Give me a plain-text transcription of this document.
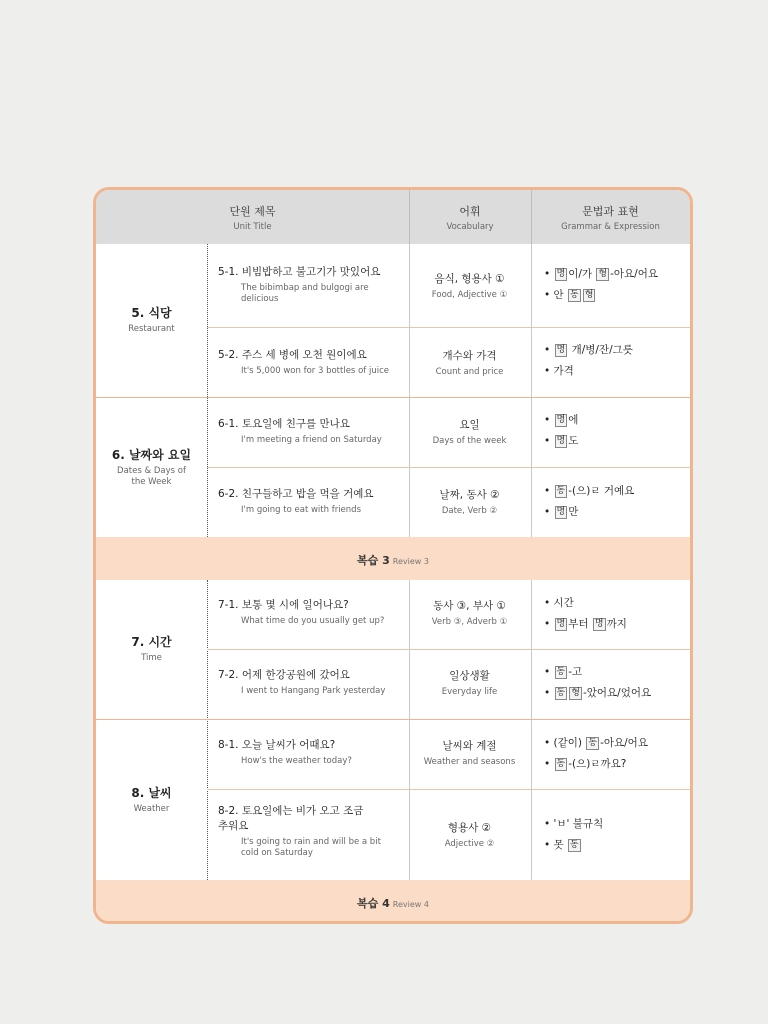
단원 제목
Unit Title
어휘
Vocabulary
문법과 표현
Grammar & Expression
5. 식당
Restaurant
5-1. 비빔밥하고 불고기가 맛있어요
The bibimbap and bulgogi are delicious
음식, 형용사 ①
Food, Adjective ①
• 명 이/가 형 -아요/어요
• 안 동 형
5-2. 주스 세 병에 오천 원이에요
It's 5,000 won for 3 bottles of juice
개수와 가격
Count and price
• 명 개/병/잔/그릇
• 가격
6. 날짜와 요일
Dates & Days of the Week
6-1. 토요일에 친구를 만나요
I'm meeting a friend on Saturday
요일
Days of the week
• 명 에
• 명 도
6-2. 친구들하고 밥을 먹을 거예요
I'm going to eat with friends
날짜, 동사 ②
Date, Verb ②
• 동 -(으)ㄹ 거예요
• 명 만
복습 3 Review 3
7. 시간
Time
7-1. 보통 몇 시에 일어나요?
What time do you usually get up?
동사 ③, 부사 ①
Verb ③, Adverb ①
• 시간
• 명 부터 명 까지
7-2. 어제 한강공원에 갔어요
I went to Hangang Park yesterday
일상생활
Everyday life
• 동 -고
• 동 형 -았어요/었어요
8. 날씨
Weather
8-1. 오늘 날씨가 어때요?
How's the weather today?
날씨와 계절
Weather and seasons
• (같이) 동 -아요/어요
• 동 -(으)ㄹ까요?
8-2. 토요일에는 비가 오고 조금 추워요
It's going to rain and will be a bit cold on Saturday
형용사 ②
Adjective ②
• 'ㅂ' 불규칙
• 못 동
복습 4 Review 4
